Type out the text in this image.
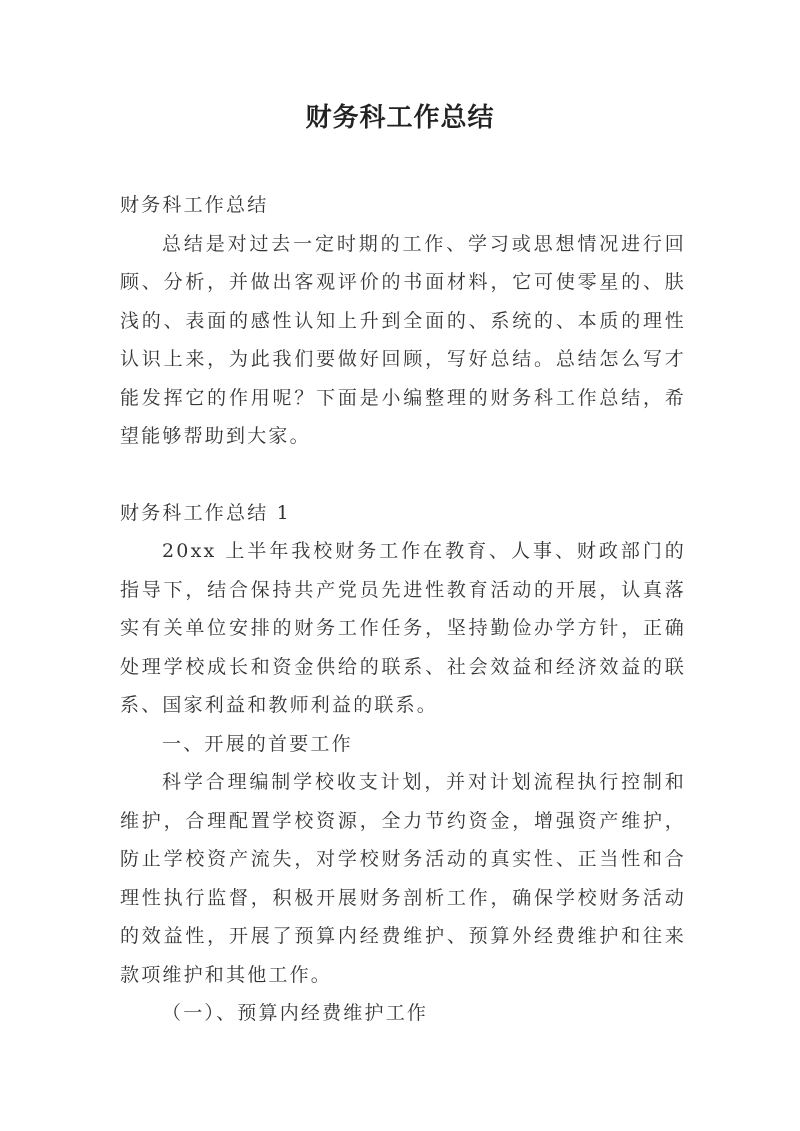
财务科工作总结

财务科工作总结

总结是对过去一定时期的工作、学习或思想情况进行回顾、分析，并做出客观评价的书面材料，它可使零星的、肤浅的、表面的感性认知上升到全面的、系统的、本质的理性认识上来，为此我们要做好回顾，写好总结。总结怎么写才能发挥它的作用呢？下面是小编整理的财务科工作总结，希望能够帮助到大家。

财务科工作总结 1

20xx 上半年我校财务工作在教育、人事、财政部门的指导下，结合保持共产党员先进性教育活动的开展，认真落实有关单位安排的财务工作任务，坚持勤俭办学方针，正确处理学校成长和资金供给的联系、社会效益和经济效益的联系、国家利益和教师利益的联系。

一、开展的首要工作

科学合理编制学校收支计划，并对计划流程执行控制和维护，合理配置学校资源，全力节约资金，增强资产维护，防止学校资产流失，对学校财务活动的真实性、正当性和合理性执行监督，积极开展财务剖析工作，确保学校财务活动的效益性，开展了预算内经费维护、预算外经费维护和往来款项维护和其他工作。

（一）、预算内经费维护工作
